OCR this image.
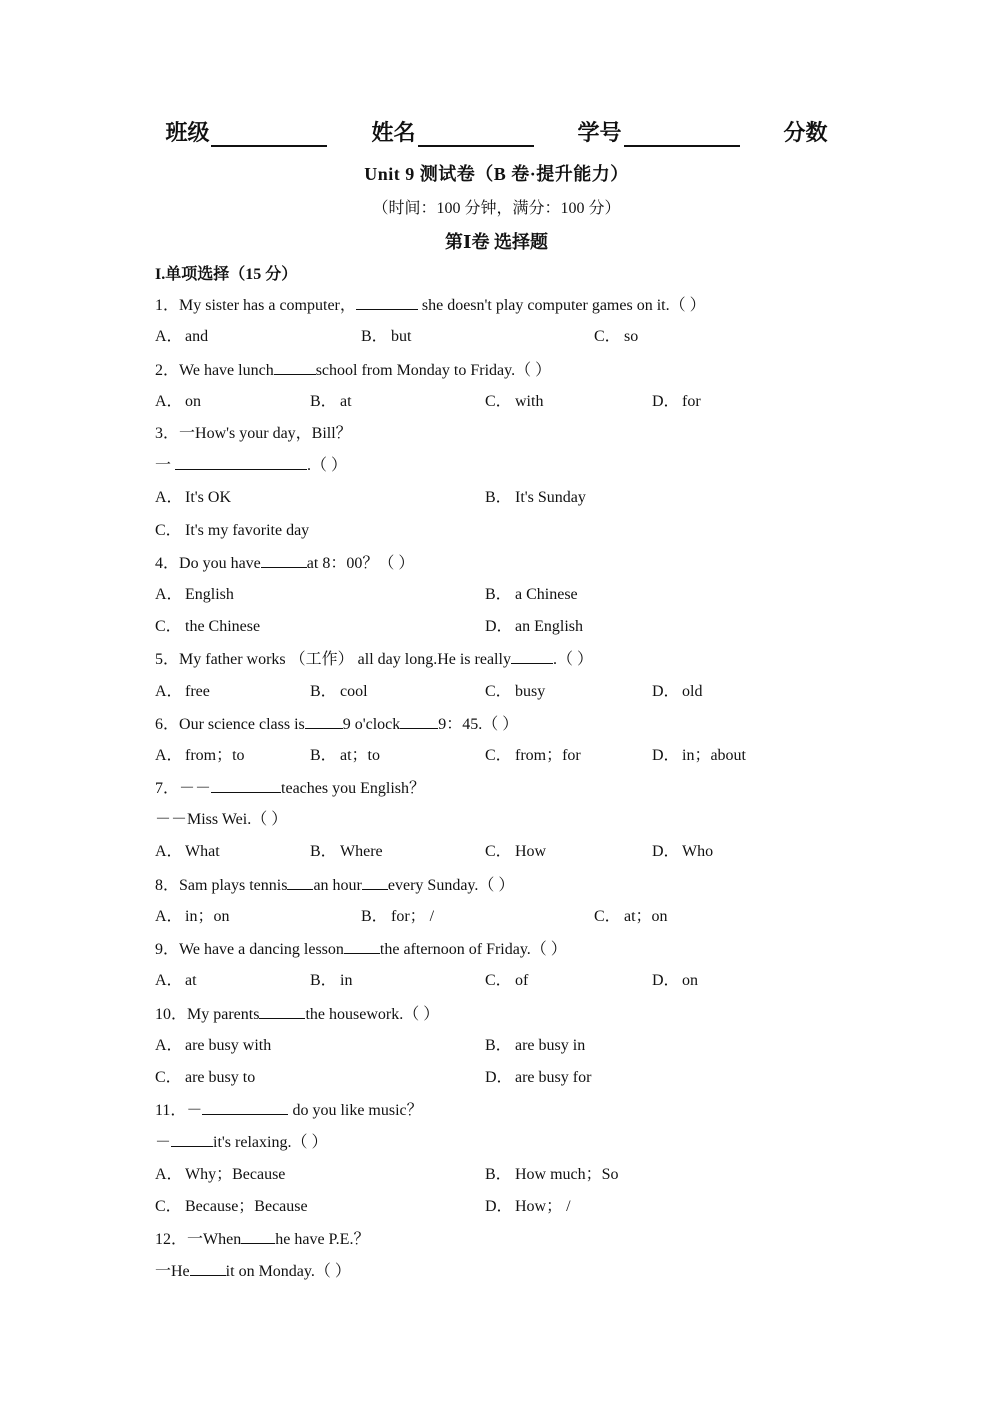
班级	姓名	学号	分数
Unit 9 测试卷（B 卷·提升能力）
（时间：100 分钟，满分：100 分）
第Ⅰ卷 选择题
I.单项选择（15 分）
1．My sister has a computer，	she doesn't play computer games on it.（ ）
A． and	B． but	C． so
2．We have lunch	school from Monday to Friday.（ ）
A． on	B． at	C． with	D． for
3．一How's your day，Bill？
一	.（ ）
A． It's OK	B． It's Sunday
C． It's my favorite day
4．Do you have	at 8：00？（ ）
A． English	B． a Chinese
C． the Chinese	D． an English
5．My father works （工作） all day long.He is really	.（ ）
A． free	B． cool	C． busy	D． old
6．Our science class is 9 o'clock 9：45.（ ）
A． from；to	B． at；to	C． from；for	D． in；about
7．－－	teaches you English？
－－Miss Wei.（ ）
A． What	B． Where	C． How	D． Who
8．Sam plays tennis an hour every Sunday.（ ）
A． in；on	B． for； /	C． at；on
9．We have a dancing lesson the afternoon of Friday.（ ）
A． at	B． in	C． of	D． on
10．My parents	the housework.（ ）
A． are busy with	B． are busy in
C． are busy to	D． are busy for
11．－	do you like music？
－	it's relaxing.（ ）
A． Why；Because	B． How much；So
C． Because；Because	D． How； /
12．一When he have P.E.？
一He it on Monday.（ ）
